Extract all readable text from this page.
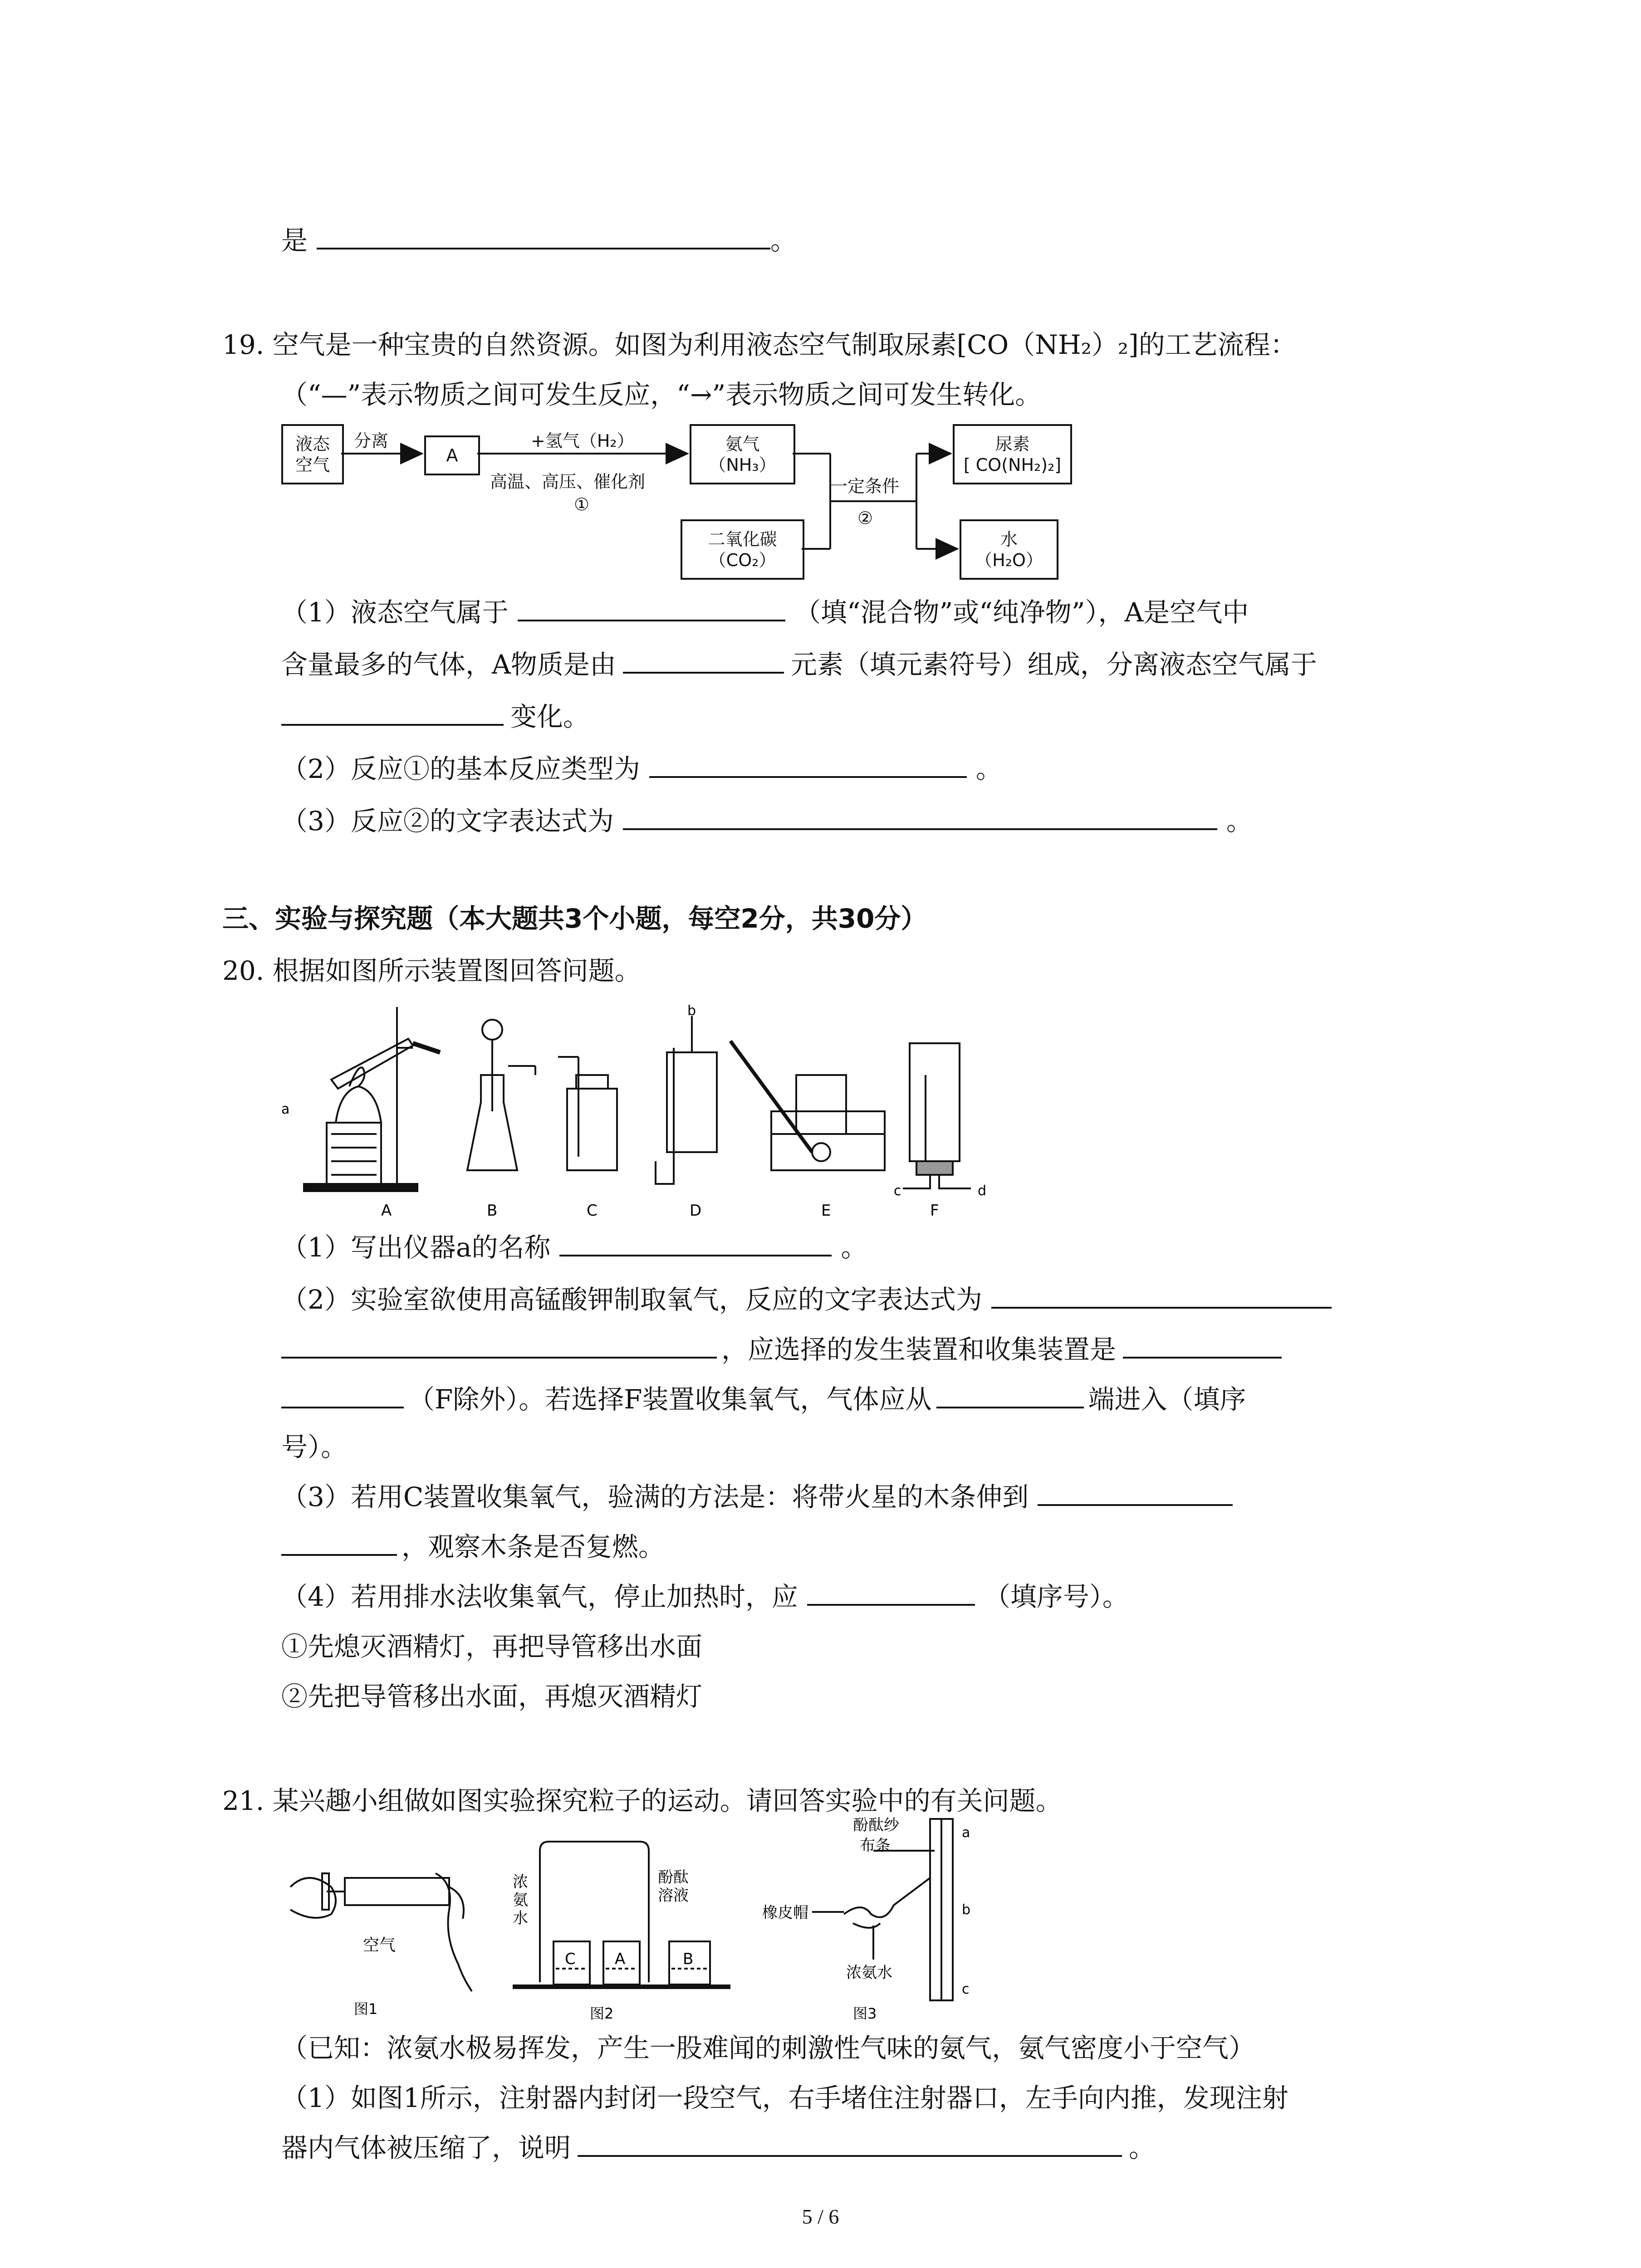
是	。
19. 空气是一种宝贵的自然资源。如图为利用液态空气制取尿素[CO（NH₂）₂]的工艺流程：
（“—”表示物质之间可发生反应，“→”表示物质之间可发生转化。
液态空气
分离
A
+氢气（H₂）
高温、高压、催化剂
①
氨气
（NH₃）
二氧化碳
（CO₂）
一定条件
②
尿素
[ CO(NH₂)₂]
水
（H₂O）
（1）液态空气属于	（填“混合物”或“纯净物”），A是空气中
含量最多的气体，A物质是由	元素（填元素符号）组成，分离液态空气属于
变化。
（2）反应①的基本反应类型为	。
（3）反应②的文字表达式为	。
三、实验与探究题（本大题共3个小题，每空2分，共30分）
20. 根据如图所示装置图回答问题。
a
b
c	d
A	B	C	D	E	F
（1）写出仪器a的名称	。
（2）实验室欲使用高锰酸钾制取氧气，反应的文字表达式为
，应选择的发生装置和收集装置是
（F除外）。若选择F装置收集氧气，气体应从	端进入（填序
号）。
（3）若用C装置收集氧气，验满的方法是：将带火星的木条伸到
，观察木条是否复燃。
（4）若用排水法收集氧气，停止加热时，应	（填序号）。
①先熄灭酒精灯，再把导管移出水面
②先把导管移出水面，再熄灭酒精灯
21. 某兴趣小组做如图实验探究粒子的运动。请回答实验中的有关问题。
空气
图1
浓
氨
水
酚酞
溶液
C	A	B
图2
酚酞纱
布条
橡皮帽
浓氨水
a
b
c
图3
（已知：浓氨水极易挥发，产生一股难闻的刺激性气味的氨气，氨气密度小于空气）
（1）如图1所示，注射器内封闭一段空气，右手堵住注射器口，左手向内推，发现注射
器内气体被压缩了，说明	。
5 / 6
